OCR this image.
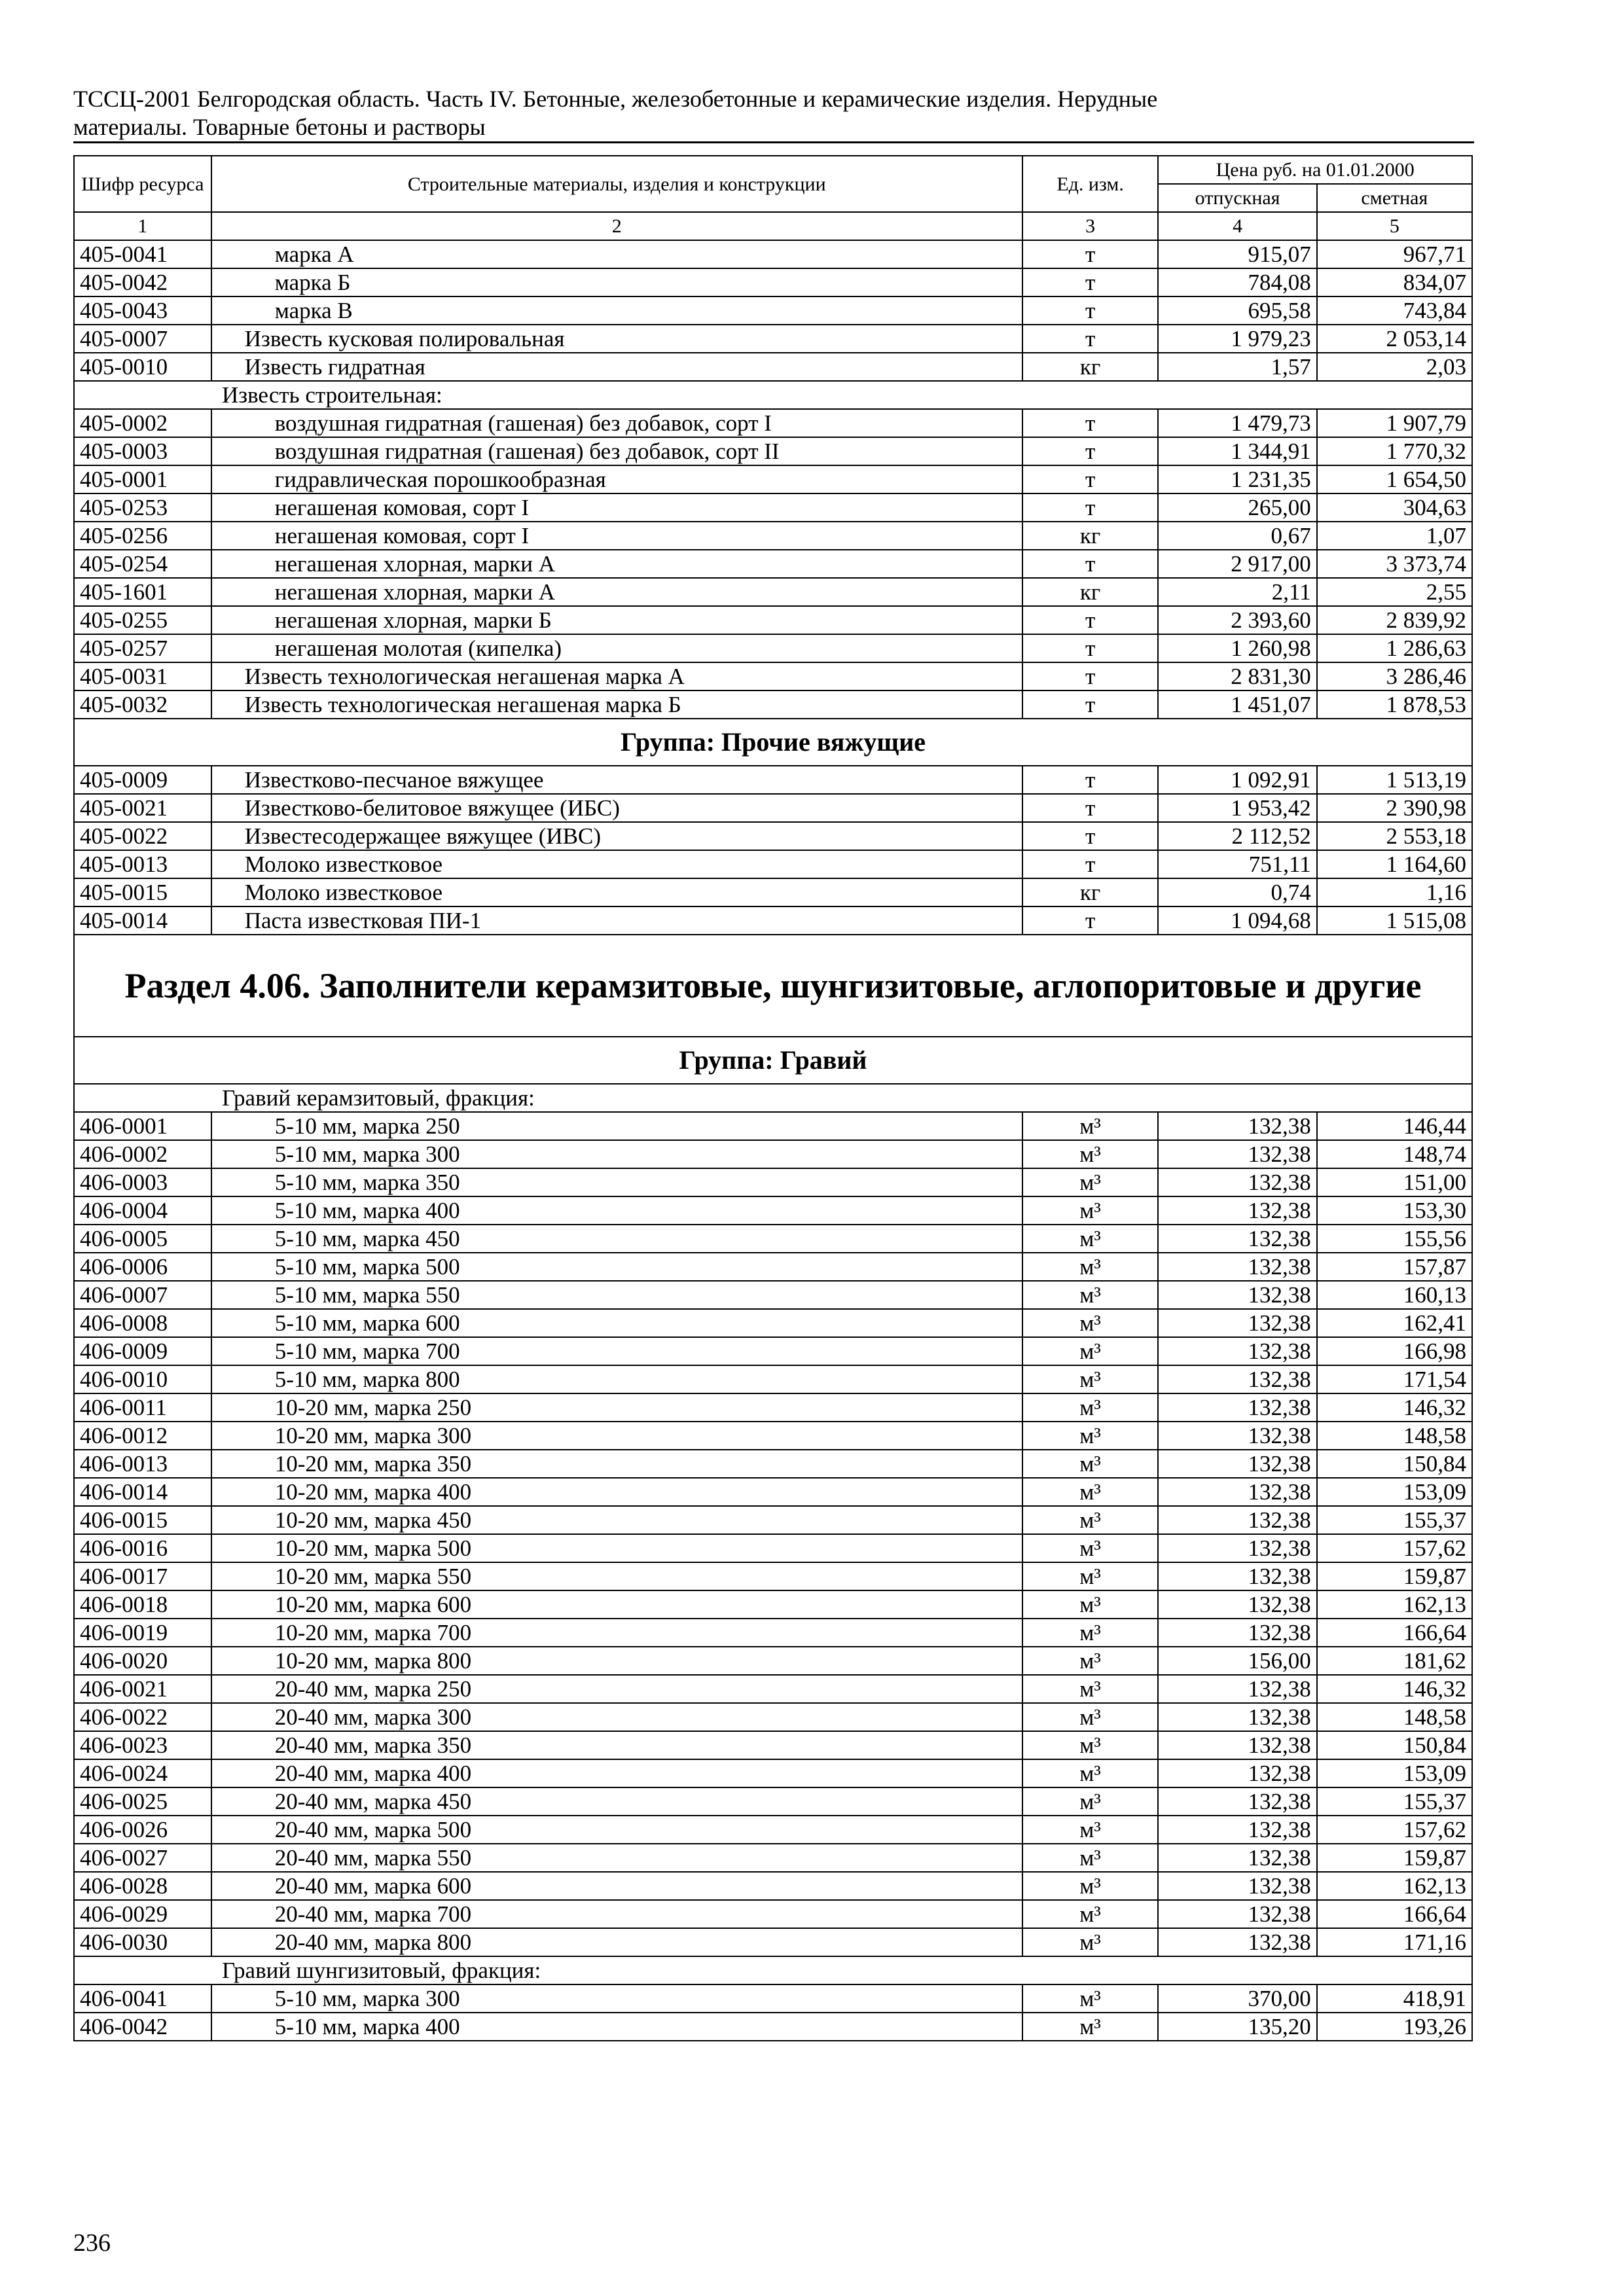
ТССЦ-2001 Белгородская область. Часть IV. Бетонные, железобетонные и керамические изделия. Нерудные
материалы. Товарные бетоны и растворы
Шифр ресурса	Строительные материалы, изделия и конструкции	Ед. изм.	Цена руб. на 01.01.2000	
			отпускная	сметная
1	2	3	4	5
405-0041	марка А	т	915,07	967,71
405-0042	марка Б	т	784,08	834,07
405-0043	марка В	т	695,58	743,84
405-0007	Известь кусковая полировальная	т	1 979,23	2 053,14
405-0010	Известь гидратная	кг	1,57	2,03
Известь строительная:				
405-0002	воздушная гидратная (гашеная) без добавок, сорт I	т	1 479,73	1 907,79
405-0003	воздушная гидратная (гашеная) без добавок, сорт II	т	1 344,91	1 770,32
405-0001	гидравлическая порошкообразная	т	1 231,35	1 654,50
405-0253	негашеная комовая, сорт I	т	265,00	304,63
405-0256	негашеная комовая, сорт I	кг	0,67	1,07
405-0254	негашеная хлорная, марки А	т	2 917,00	3 373,74
405-1601	негашеная хлорная, марки А	кг	2,11	2,55
405-0255	негашеная хлорная, марки Б	т	2 393,60	2 839,92
405-0257	негашеная молотая (кипелка)	т	1 260,98	1 286,63
405-0031	Известь технологическая негашеная марка А	т	2 831,30	3 286,46
405-0032	Известь технологическая негашеная марка Б	т	1 451,07	1 878,53
Группа: Прочие вяжущие				
405-0009	Известково-песчаное вяжущее	т	1 092,91	1 513,19
405-0021	Известково-белитовое вяжущее (ИБС)	т	1 953,42	2 390,98
405-0022	Известесодержащее вяжущее (ИВС)	т	2 112,52	2 553,18
405-0013	Молоко известковое	т	751,11	1 164,60
405-0015	Молоко известковое	кг	0,74	1,16
405-0014	Паста известковая ПИ-1	т	1 094,68	1 515,08
Раздел 4.06. Заполнители керамзитовые, шунгизитовые, аглопоритовые и другие				
Группа: Гравий				
Гравий керамзитовый, фракция:				
406-0001	5-10 мм, марка 250	м³	132,38	146,44
406-0002	5-10 мм, марка 300	м³	132,38	148,74
406-0003	5-10 мм, марка 350	м³	132,38	151,00
406-0004	5-10 мм, марка 400	м³	132,38	153,30
406-0005	5-10 мм, марка 450	м³	132,38	155,56
406-0006	5-10 мм, марка 500	м³	132,38	157,87
406-0007	5-10 мм, марка 550	м³	132,38	160,13
406-0008	5-10 мм, марка 600	м³	132,38	162,41
406-0009	5-10 мм, марка 700	м³	132,38	166,98
406-0010	5-10 мм, марка 800	м³	132,38	171,54
406-0011	10-20 мм, марка 250	м³	132,38	146,32
406-0012	10-20 мм, марка 300	м³	132,38	148,58
406-0013	10-20 мм, марка 350	м³	132,38	150,84
406-0014	10-20 мм, марка 400	м³	132,38	153,09
406-0015	10-20 мм, марка 450	м³	132,38	155,37
406-0016	10-20 мм, марка 500	м³	132,38	157,62
406-0017	10-20 мм, марка 550	м³	132,38	159,87
406-0018	10-20 мм, марка 600	м³	132,38	162,13
406-0019	10-20 мм, марка 700	м³	132,38	166,64
406-0020	10-20 мм, марка 800	м³	156,00	181,62
406-0021	20-40 мм, марка 250	м³	132,38	146,32
406-0022	20-40 мм, марка 300	м³	132,38	148,58
406-0023	20-40 мм, марка 350	м³	132,38	150,84
406-0024	20-40 мм, марка 400	м³	132,38	153,09
406-0025	20-40 мм, марка 450	м³	132,38	155,37
406-0026	20-40 мм, марка 500	м³	132,38	157,62
406-0027	20-40 мм, марка 550	м³	132,38	159,87
406-0028	20-40 мм, марка 600	м³	132,38	162,13
406-0029	20-40 мм, марка 700	м³	132,38	166,64
406-0030	20-40 мм, марка 800	м³	132,38	171,16
Гравий шунгизитовый, фракция:				
406-0041	5-10 мм, марка 300	м³	370,00	418,91
406-0042	5-10 мм, марка 400	м³	135,20	193,26
236
